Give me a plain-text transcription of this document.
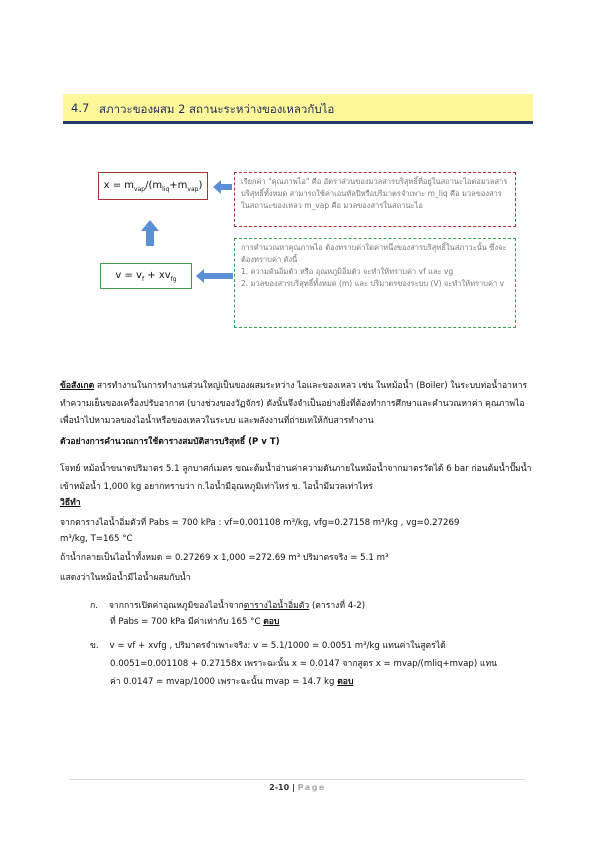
4.7 สภาวะของผสม 2 สถานะระหว่างของเหลวกับไอ
$x = m_{vap}/(m_{liq}+m_{vap})$
$v = v_f + xv_{fg}$
เรียกค่า "คุณภาพไอ" คือ อัตราส่วนของมวลสารบริสุทธิ์ที่อยู่ในสถานะไอต่อมวลสารบริสุทธิ์ทั้งหมด สามารถใช้ค่าเอนทัลปีหรือปริมาตรจำเพาะ m_liq คือ มวลของสารในสถานะของเหลว m_vap คือ มวลของสารในสถานะไอ
การคำนวณหาคุณภาพไอ ต้องทราบค่าใดค่าหนึ่งของสารบริสุทธิ์ในสภาวะนั้น ซึ่งจะต้องทราบค่า ดังนี้
1. ความดันอิ่มตัว หรือ อุณหภูมิอิ่มตัว จะทำให้ทราบค่า vf และ vg
2. มวลของสารบริสุทธิ์ทั้งหมด (m) และ ปริมาตรของระบบ (V) จะทำให้ทราบค่า v
ข้อสังเกต สารทำงานในการทำงานส่วนใหญ่เป็นของผสมระหว่าง ไอและของเหลว เช่น ในหม้อน้ำ (Boiler) ในระบบท่อน้ำอาหารทำความเย็นของเครื่องปรับอากาศ (บางช่วงของวัฏจักร) ดังนั้นจึงจำเป็นอย่างยิ่งที่ต้องทำการศึกษาและคำนวณหาค่า คุณภาพไอ เพื่อนำไปหามวลของไอน้ำหรือของเหลวในระบบ และพลังงานที่ถ่ายเทให้กับสารทำงาน
ตัวอย่างการคำนวณการใช้ตารางสมบัติสารบริสุทธิ์ (P v T)
โจทย์ หม้อน้ำขนาดปริมาตร 5.1 ลูกบาศก์เมตร ขณะต้มน้ำอ่านค่าความดันภายในหม้อน้ำจากมาตรวัดได้ 6 bar ก่อนต้มน้ำปั๊มน้ำเข้าหม้อน้ำ 1,000 kg อยากทราบว่า ก.ไอน้ำมีอุณหภูมิเท่าไหร่ ข. ไอน้ำมีมวลเท่าไหร่
วิธีทำ
จากตารางไอน้ำอิ่มตัวที่ Pabs = 700 kPa : vf=0.001108 m³/kg, vfg=0.27158 m³/kg , vg=0.27269
m³/kg, T=165 °C
ถ้าน้ำกลายเป็นไอน้ำทั้งหมด = 0.27269 x 1,000 =272.69 m³ ปริมาตรจริง = 5.1 m³
แสดงว่าในหม้อน้ำมีไอน้ำผสมกับน้ำ
ก. จากการเปิดค่าอุณหภูมิของไอน้ำจากตารางไอน้ำอิ่มตัว (ตารางที่ 4-2)
ที่ Pabs = 700 kPa มีค่าเท่ากับ 165 °C ตอบ
ข. v = vf + xvfg , ปริมาตรจำเพาะจริง: v = 5.1/1000 = 0.0051 m³/kg แทนค่าในสูตรได้
0.0051=0.001108 + 0.27158x เพราะฉะนั้น x = 0.0147 จากสูตร x = mvap/(mliq+mvap) แทน
ค่า 0.0147 = mvap/1000 เพราะฉะนั้น mvap = 14.7 kg ตอบ
2-10 | Page
